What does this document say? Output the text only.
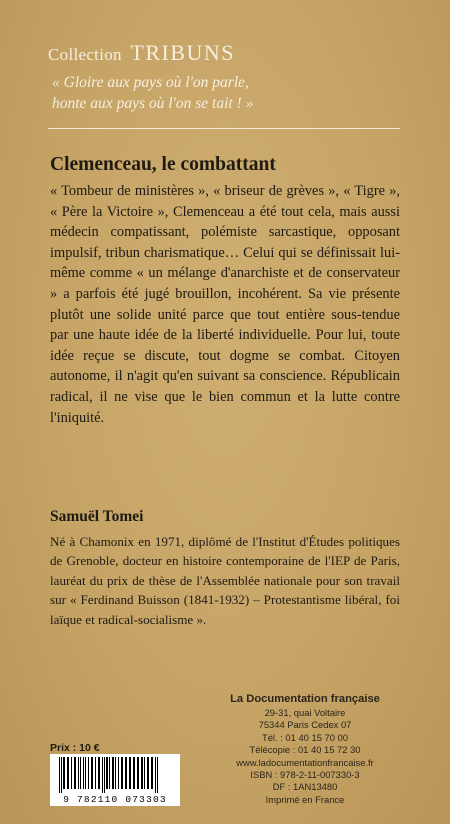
Collection TRIBUNS
« Gloire aux pays où l'on parle,
honte aux pays où l'on se tait ! »
Clemenceau, le combattant

« Tombeur de ministères », « briseur de grèves », « Tigre », « Père la Victoire », Clemenceau a été tout cela, mais aussi médecin compatissant, polémiste sarcastique, opposant impulsif, tribun charismatique… Celui qui se définissait lui-même comme « un mélange d'anarchiste et de conservateur » a parfois été jugé brouillon, incohérent. Sa vie présente plutôt une solide unité parce que tout entière sous-tendue par une haute idée de la liberté individuelle. Pour lui, toute idée reçue se discute, tout dogme se combat. Citoyen autonome, il n'agit qu'en suivant sa conscience. Républicain radical, il ne vise que le bien commun et la lutte contre l'iniquité.

Samuël Tomei

Né à Chamonix en 1971, diplômé de l'Institut d'Études politiques de Grenoble, docteur en histoire contemporaine de l'IEP de Paris, lauréat du prix de thèse de l'Assemblée nationale pour son travail sur « Ferdinand Buisson (1841-1932) – Protestantisme libéral, foi laïque et radical-socialisme ».

La Documentation française
29-31, quai Voltaire
75344 Paris Cedex 07
Tél. : 01 40 15 70 00
Télécopie : 01 40 15 72 30
www.ladocumentationfrancaise.fr
ISBN : 978-2-11-007330-3
DF : 1AN13480
Imprimé en France
Prix : 10 €
9 782110 073303
